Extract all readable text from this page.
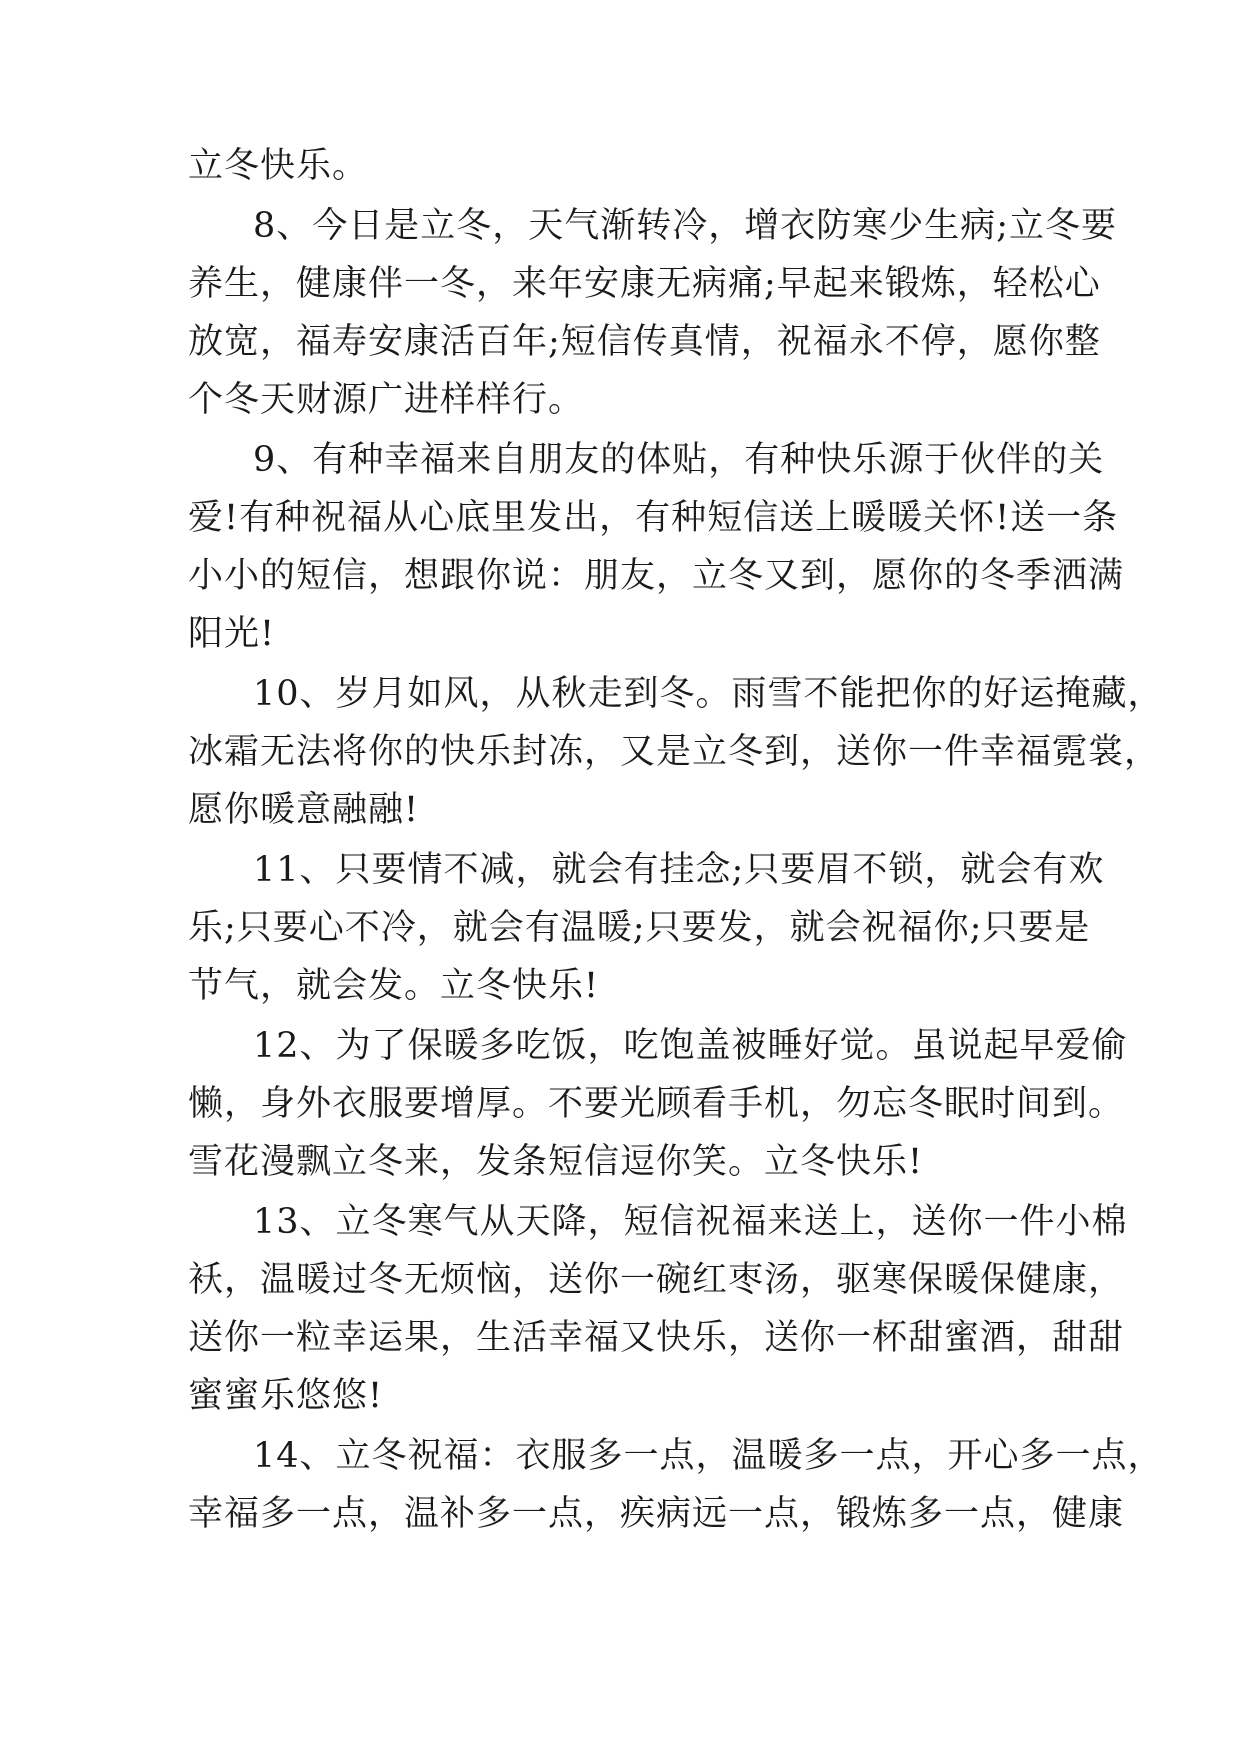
立冬快乐。
8、今日是立冬，天气渐转冷，增衣防寒少生病;立冬要
养生，健康伴一冬，来年安康无病痛;早起来锻炼，轻松心
放宽，福寿安康活百年;短信传真情，祝福永不停，愿你整
个冬天财源广进样样行。
9、有种幸福来自朋友的体贴，有种快乐源于伙伴的关
爱!有种祝福从心底里发出，有种短信送上暖暖关怀!送一条
小小的短信，想跟你说：朋友，立冬又到，愿你的冬季洒满
阳光!
10、岁月如风，从秋走到冬。雨雪不能把你的好运掩藏，
冰霜无法将你的快乐封冻，又是立冬到，送你一件幸福霓裳，
愿你暖意融融!
11、只要情不减，就会有挂念;只要眉不锁，就会有欢
乐;只要心不冷，就会有温暖;只要发，就会祝福你;只要是
节气，就会发。立冬快乐!
12、为了保暖多吃饭，吃饱盖被睡好觉。虽说起早爱偷
懒，身外衣服要增厚。不要光顾看手机，勿忘冬眠时间到。
雪花漫飘立冬来，发条短信逗你笑。立冬快乐!
13、立冬寒气从天降，短信祝福来送上，送你一件小棉
袄，温暖过冬无烦恼，送你一碗红枣汤，驱寒保暖保健康，
送你一粒幸运果，生活幸福又快乐，送你一杯甜蜜酒，甜甜
蜜蜜乐悠悠!
14、立冬祝福：衣服多一点，温暖多一点，开心多一点，
幸福多一点，温补多一点，疾病远一点，锻炼多一点，健康
